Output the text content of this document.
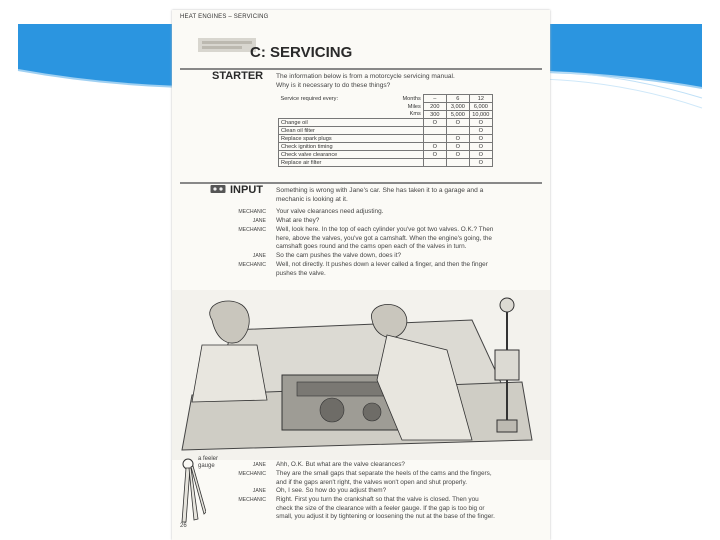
HEAT ENGINES – SERVICING
C: SERVICING
STARTER The information below is from a motorcycle servicing manual.
Why is it necessary to do these things?
Service required every:	Months	–	6	12
	Miles	200	3,000	6,000
	Kms	300	5,000	10,000
Change oil		O	O	O
Clean oil filter				O
Replace spark plugs			O	O
Check ignition timing		O	O	O
Check valve clearance		O	O	O
Replace air filter				O
INPUT Something is wrong with Jane's car. She has taken it to a garage and a
mechanic is looking at it.
MECHANIC Your valve clearances need adjusting.
JANE What are they?
MECHANIC Well, look here. In the top of each cylinder you've got two valves. O.K.? Then
here, above the valves, you've got a camshaft. When the engine's going, the
camshaft goes round and the cams open each of the valves in turn.
JANE So the cam pushes the valve down, does it?
MECHANIC Well, not directly. It pushes down a lever called a finger, and then the finger
pushes the valve.
a feeler
gauge	JANE Ahh, O.K. But what are the valve clearances?
MECHANIC They are the small gaps that separate the heels of the cams and the fingers,
and if the gaps aren't right, the valves won't open and shut properly.
JANE Oh, I see. So how do you adjust them?
MECHANIC Right. First you turn the crankshaft so that the valve is closed. Then you
check the size of the clearance with a feeler gauge. If the gap is too big or
small, you adjust it by tightening or loosening the nut at the base of the finger.
26
